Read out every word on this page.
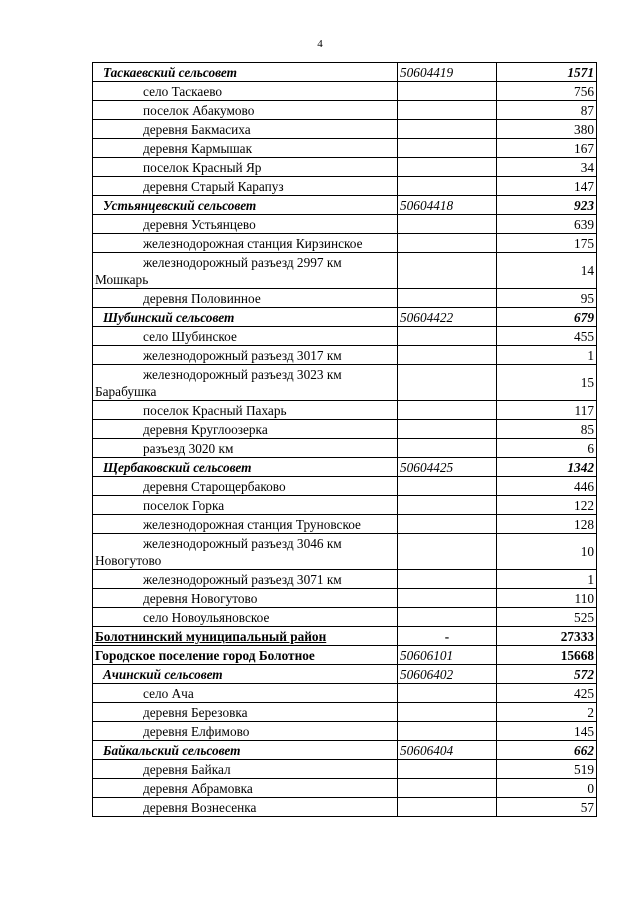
4
Таскаевский сельсовет	50604419	1571
село Таскаево		756
поселок Абакумово		87
деревня Бакмасиха		380
деревня Кармышак		167
поселок Красный Яр		34
деревня Старый Карапуз		147
Устьянцевский сельсовет	50604418	923
деревня Устьянцево		639
железнодорожная станция Кирзинское		175
железнодорожный разъезд 2997 км
Мошкарь		14
деревня Половинное		95
Шубинский сельсовет	50604422	679
село Шубинское		455
железнодорожный разъезд 3017 км		1
железнодорожный разъезд 3023 км
Барабушка		15
поселок Красный Пахарь		117
деревня Круглоозерка		85
разъезд 3020 км		6
Щербаковский сельсовет	50604425	1342
деревня Старощербаково		446
поселок Горка		122
железнодорожная станция Труновское		128
железнодорожный разъезд 3046 км
Новогутово		10
железнодорожный разъезд 3071 км		1
деревня Новогутово		110
село Новоульяновское		525
Болотнинский муниципальный район	-	27333
Городское поселение город Болотное	50606101	15668
Ачинский сельсовет	50606402	572
село Ача		425
деревня Березовка		2
деревня Елфимово		145
Байкальский сельсовет	50606404	662
деревня Байкал		519
деревня Абрамовка		0
деревня Вознесенка		57
